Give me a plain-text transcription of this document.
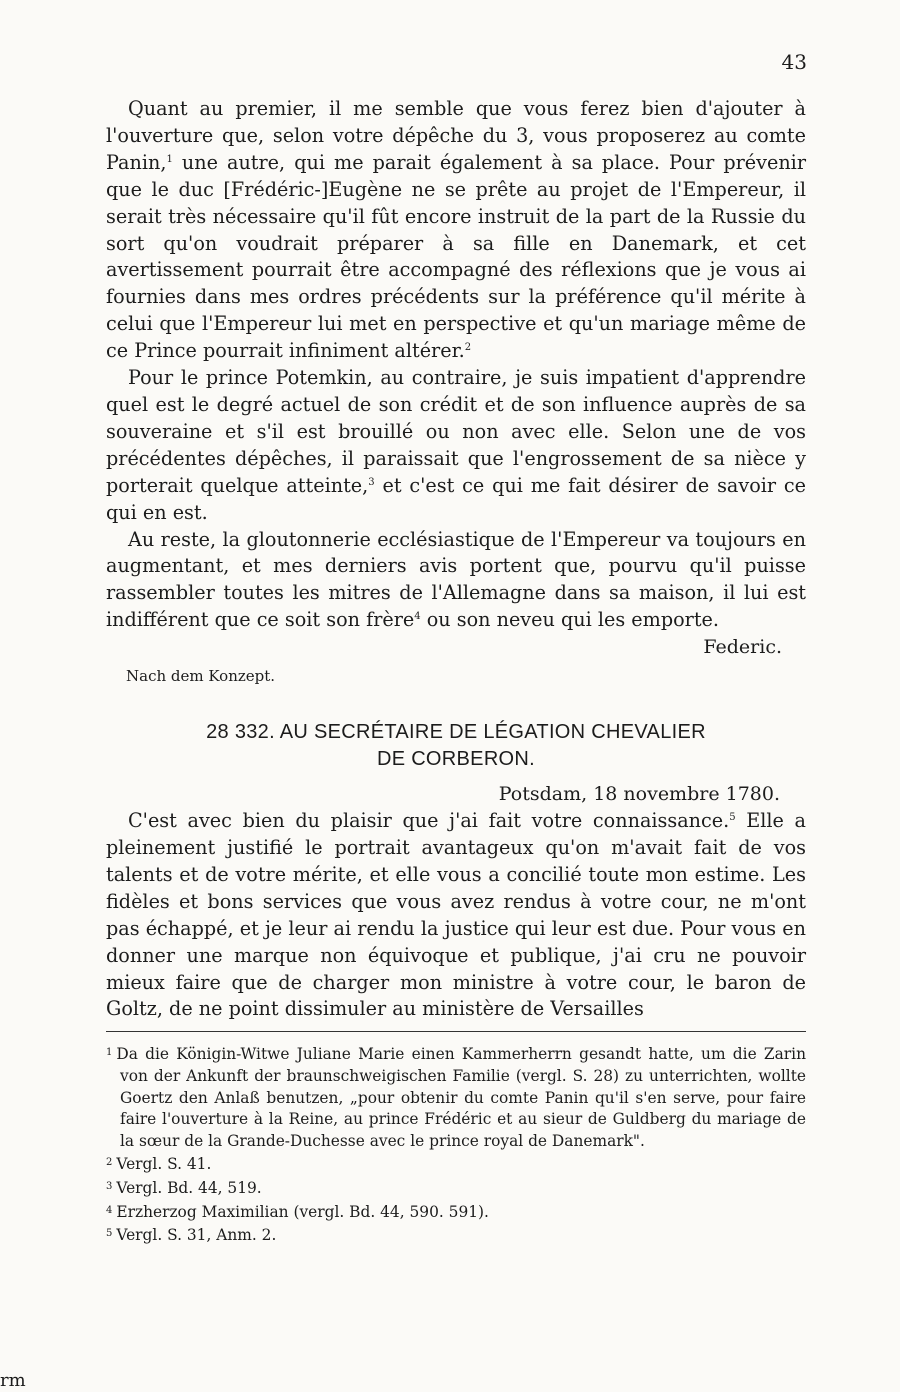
43

Quant au premier, il me semble que vous ferez bien d'ajouter à l'ouverture que, selon votre dépêche du 3, vous proposerez au comte Panin,$^1$ une autre, qui me parait également à sa place. Pour prévenir que le duc [Frédéric-]Eugène ne se prête au projet de l'Empereur, il serait très nécessaire qu'il fût encore instruit de la part de la Russie du sort qu'on voudrait préparer à sa fille en Danemark, et cet avertissement pourrait être accompagné des réflexions que je vous ai fournies dans mes ordres précédents sur la préférence qu'il mérite à celui que l'Empereur lui met en perspective et qu'un mariage même de ce Prince pourrait infiniment altérer.$^2$

Pour le prince Potemkin, au contraire, je suis impatient d'apprendre quel est le degré actuel de son crédit et de son influence auprès de sa souveraine et s'il est brouillé ou non avec elle. Selon une de vos précédentes dépêches, il paraissait que l'engrossement de sa nièce y porterait quelque atteinte,$^3$ et c'est ce qui me fait désirer de savoir ce qui en est.

Au reste, la gloutonnerie ecclésiastique de l'Empereur va toujours en augmentant, et mes derniers avis portent que, pourvu qu'il puisse rassembler toutes les mitres de l'Allemagne dans sa maison, il lui est indifférent que ce soit son frère$^4$ ou son neveu qui les emporte.

Federic.
Nach dem Konzept.
28 332. AU SECRÉTAIRE DE LÉGATION CHEVALIER
DE CORBERON.
Potsdam, 18 novembre 1780.

C'est avec bien du plaisir que j'ai fait votre connaissance.$^5$ Elle a pleinement justifié le portrait avantageux qu'on m'avait fait de vos talents et de votre mérite, et elle vous a concilié toute mon estime. Les fidèles et bons services que vous avez rendus à votre cour, ne m'ont pas échappé, et je leur ai rendu la justice qui leur est due. Pour vous en donner une marque non équivoque et publique, j'ai cru ne pouvoir mieux faire que de charger mon ministre à votre cour, le baron de Goltz, de ne point dissimuler au ministère de Versailles

$^1$ Da die Königin-Witwe Juliane Marie einen Kammerherrn gesandt hatte, um die Zarin von der Ankunft der braunschweigischen Familie (vergl. S. 28) zu unterrichten, wollte Goertz den Anlaß benutzen, „pour obtenir du comte Panin qu'il s'en serve, pour faire faire l'ouverture à la Reine, au prince Frédéric et au sieur de Guldberg du mariage de la sœur de la Grande-Duchesse avec le prince royal de Danemark".

$^2$ Vergl. S. 41.

$^3$ Vergl. Bd. 44, 519.

$^4$ Erzherzog Maximilian (vergl. Bd. 44, 590. 591).

$^5$ Vergl. S. 31, Anm. 2.

rm
